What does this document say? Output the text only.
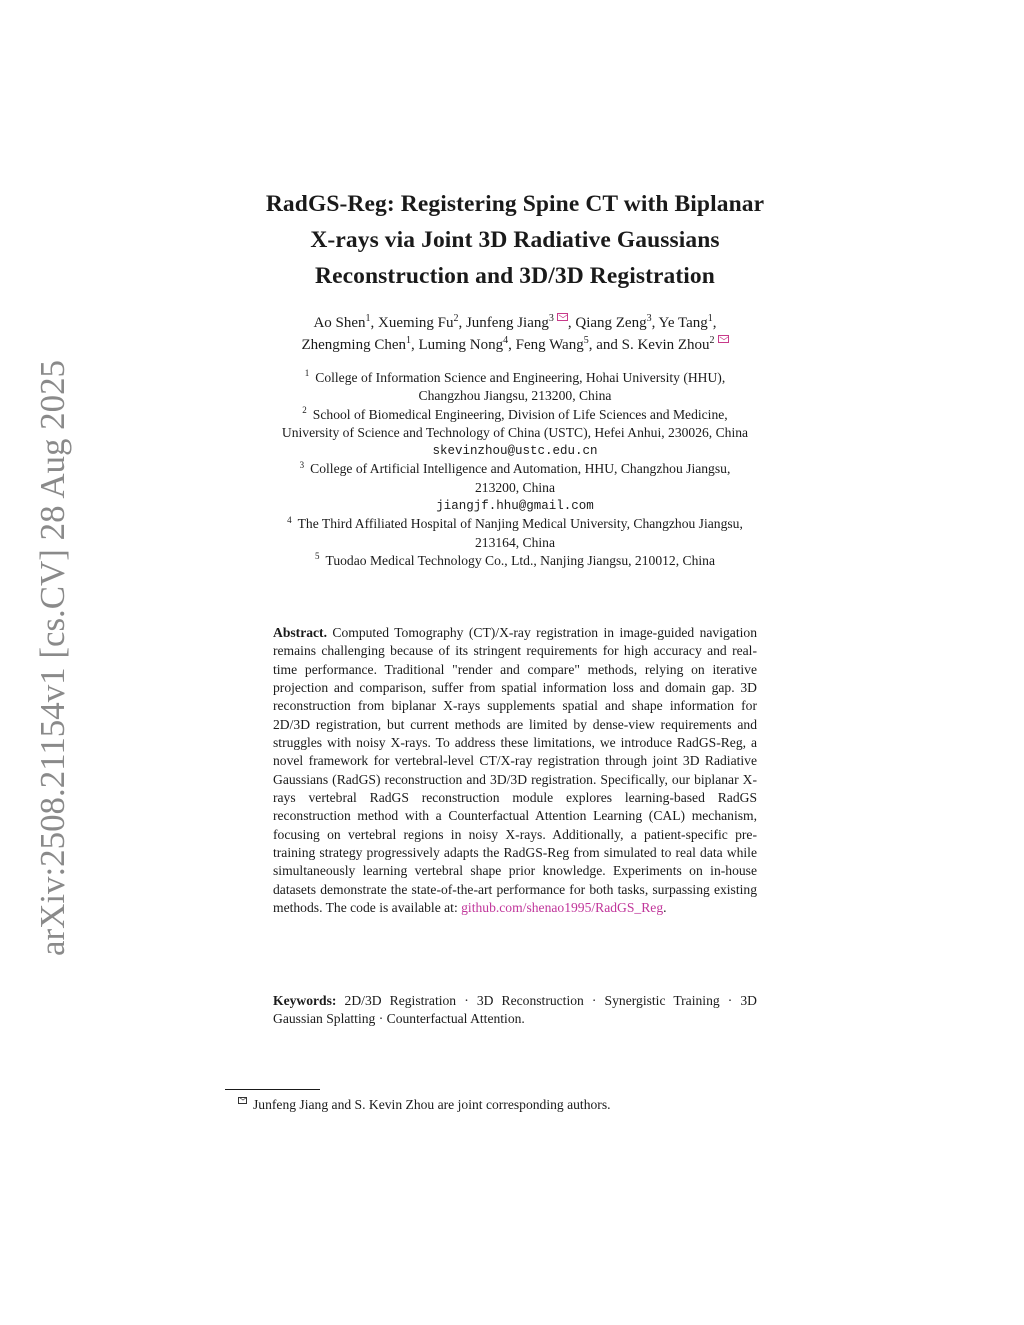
arXiv:2508.21154v1 [cs.CV] 28 Aug 2025
RadGS-Reg: Registering Spine CT with Biplanar
X-rays via Joint 3D Radiative Gaussians
Reconstruction and 3D/3D Registration
Ao Shen$^1$, Xueming Fu$^2$, Junfeng Jiang$^3$ , Qiang Zeng$^3$, Ye Tang$^1$,
Zhengming Chen$^1$, Luming Nong$^4$, Feng Wang$^5$, and S. Kevin Zhou$^2$
$^1$ College of Information Science and Engineering, Hohai University (HHU),
Changzhou Jiangsu, 213200, China
$^2$ School of Biomedical Engineering, Division of Life Sciences and Medicine,
University of Science and Technology of China (USTC), Hefei Anhui, 230026, China
skevinzhou@ustc.edu.cn
$^3$ College of Artificial Intelligence and Automation, HHU, Changzhou Jiangsu,
213200, China
jiangjf.hhu@gmail.com
$^4$ The Third Affiliated Hospital of Nanjing Medical University, Changzhou Jiangsu,
213164, China
$^5$ Tuodao Medical Technology Co., Ltd., Nanjing Jiangsu, 210012, China
Abstract. Computed Tomography (CT)/X-ray registration in image-guided navigation remains challenging because of its stringent requirements for high accuracy and real-time performance. Traditional "render and compare" methods, relying on iterative projection and comparison, suffer from spatial information loss and domain gap. 3D reconstruction from biplanar X-rays supplements spatial and shape information for 2D/3D registration, but current methods are limited by dense-view requirements and struggles with noisy X-rays. To address these limitations, we introduce RadGS-Reg, a novel framework for vertebral-level CT/X-ray registration through joint 3D Radiative Gaussians (RadGS) reconstruction and 3D/3D registration. Specifically, our biplanar X-rays vertebral RadGS reconstruction module explores learning-based RadGS reconstruction method with a Counterfactual Attention Learning (CAL) mechanism, focusing on vertebral regions in noisy X-rays. Additionally, a patient-specific pre-training strategy progressively adapts the RadGS-Reg from simulated to real data while simultaneously learning vertebral shape prior knowledge. Experiments on in-house datasets demonstrate the state-of-the-art performance for both tasks, surpassing existing methods. The code is available at: github.com/shenao1995/RadGS_Reg.
Keywords: 2D/3D Registration · 3D Reconstruction · Synergistic Training · 3D Gaussian Splatting · Counterfactual Attention.
Junfeng Jiang and S. Kevin Zhou are joint corresponding authors.
